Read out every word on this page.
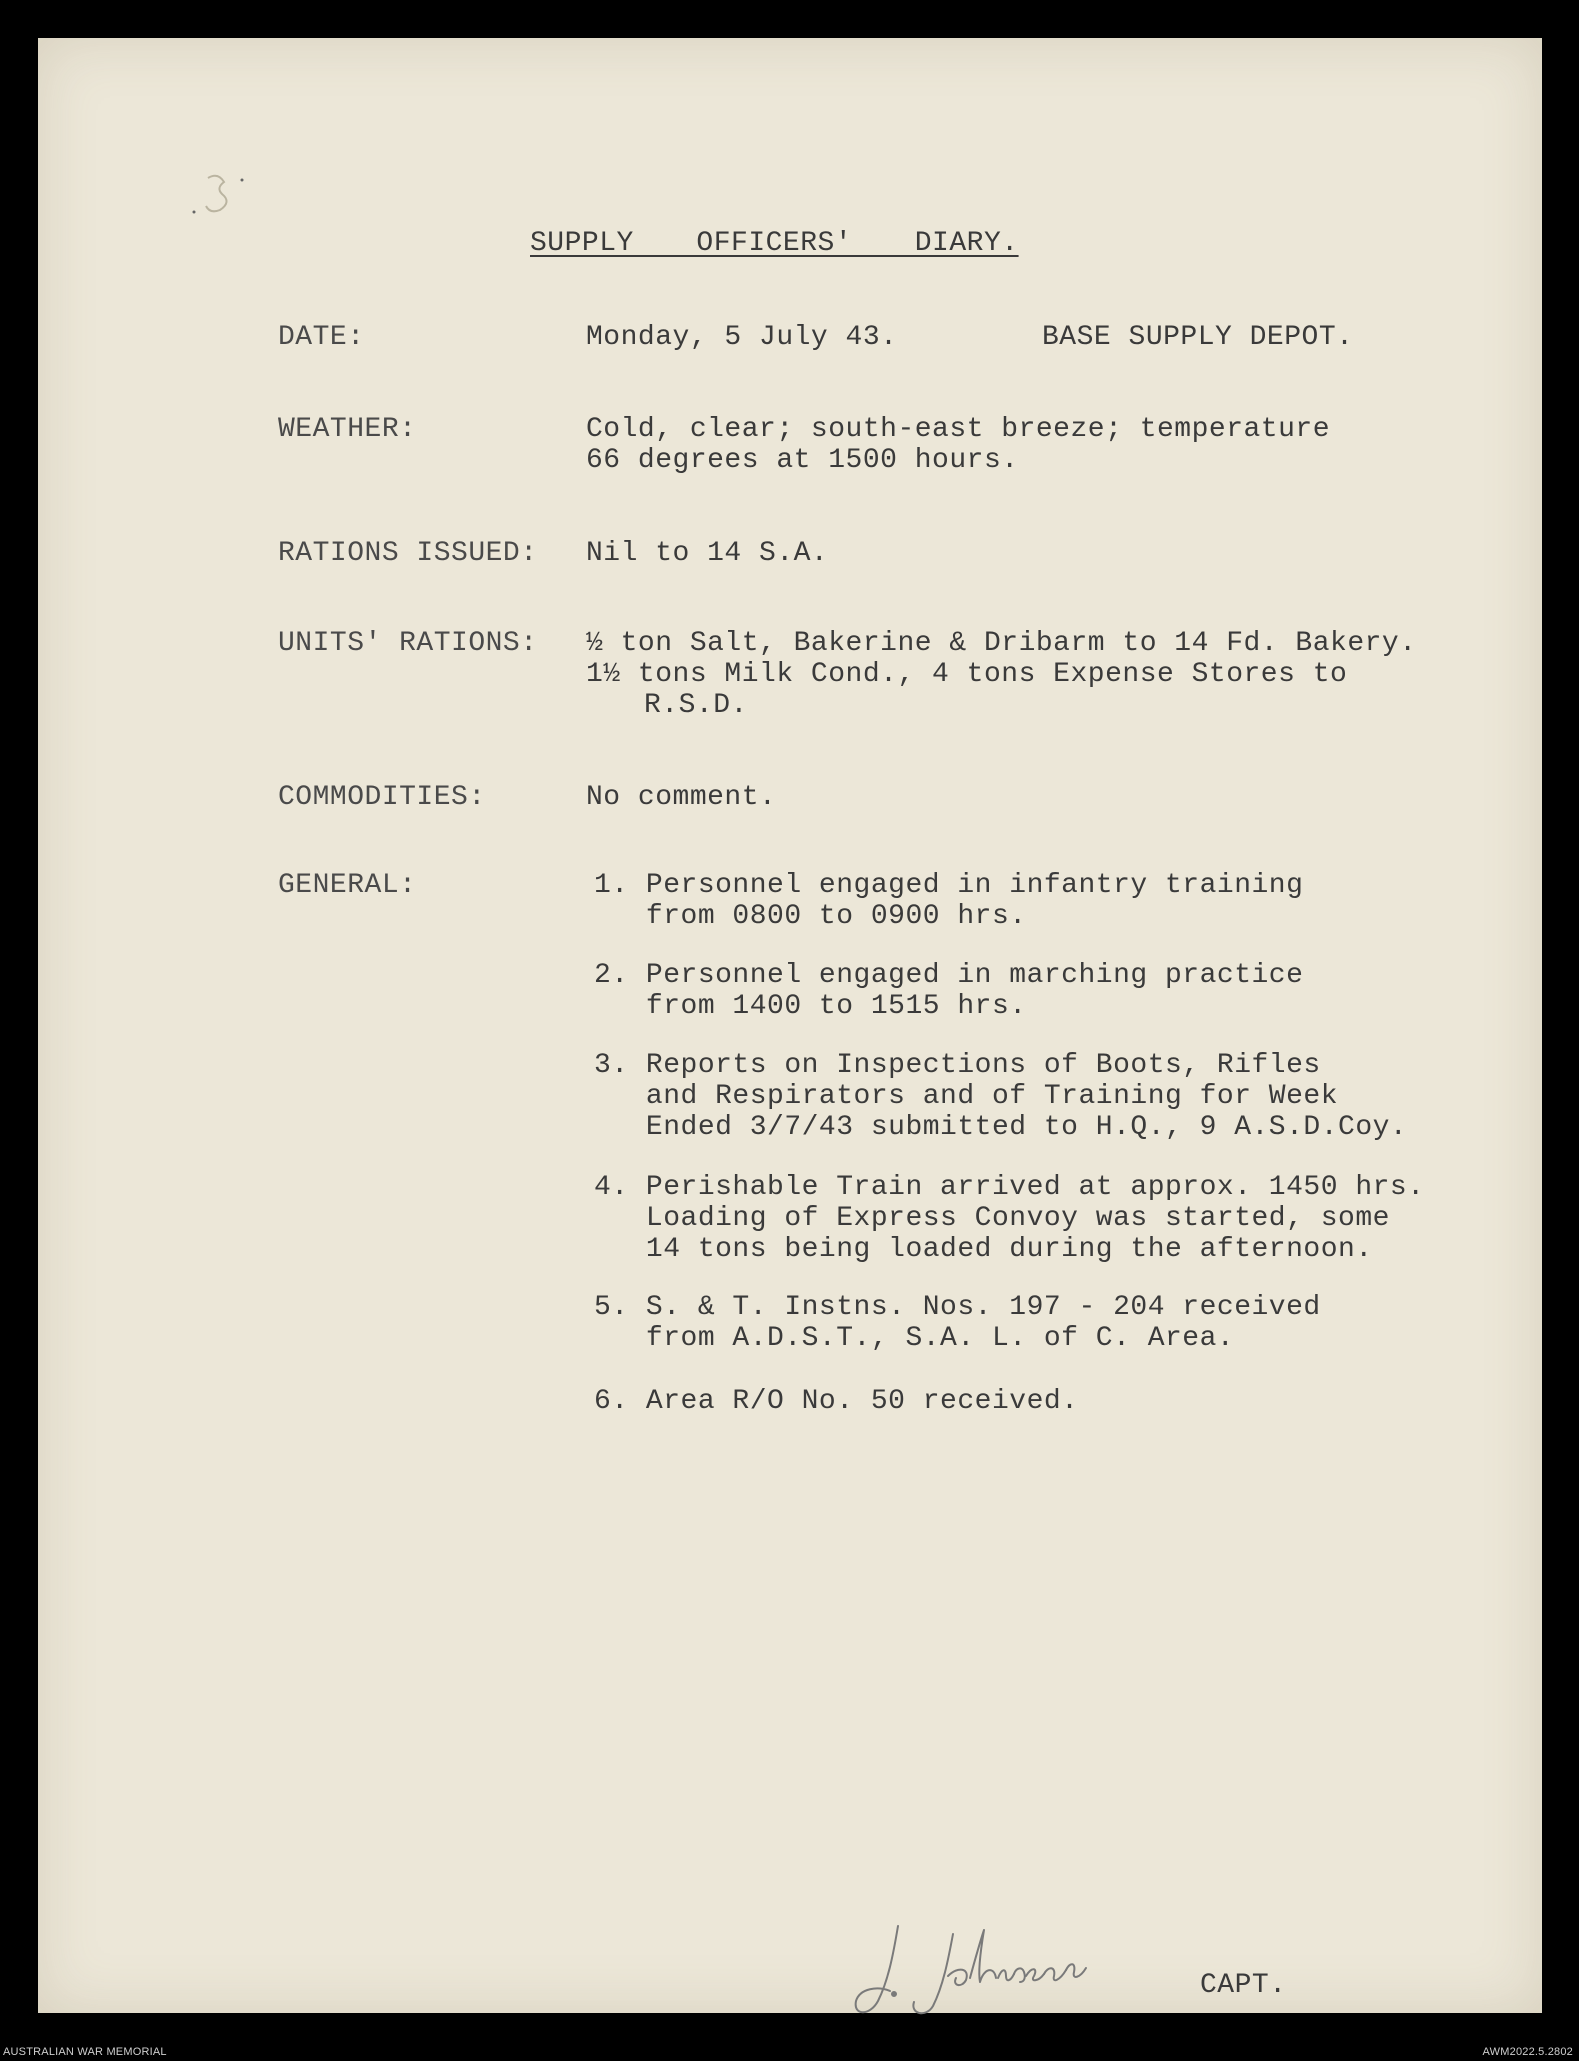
SUPPLY  OFFICERS'  DIARY.
DATE:	Monday, 5 July 43.	BASE SUPPLY DEPOT.
WEATHER:	Cold, clear; south-east breeze; temperature
66 degrees at 1500 hours.
RATIONS ISSUED: Nil to 14 S.A.
UNITS' RATIONS: ½ ton Salt, Bakerine & Dribarm to 14 Fd. Bakery.
1½ tons Milk Cond., 4 tons Expense Stores to
R.S.D.
COMMODITIES:	No comment.
GENERAL:	1. Personnel engaged in infantry training
from 0800 to 0900 hrs.
2. Personnel engaged in marching practice
from 1400 to 1515 hrs.
3. Reports on Inspections of Boots, Rifles
and Respirators and of Training for Week
Ended 3/7/43 submitted to H.Q., 9 A.S.D.Coy.
4. Perishable Train arrived at approx. 1450 hrs.
Loading of Express Convoy was started, some
14 tons being loaded during the afternoon.
5. S. & T. Instns. Nos. 197 - 204 received
from A.D.S.T., S.A. L. of C. Area.
6. Area R/O No. 50 received.
CAPT.
AUSTRALIAN WAR MEMORIAL	AWM2022.5.2802
